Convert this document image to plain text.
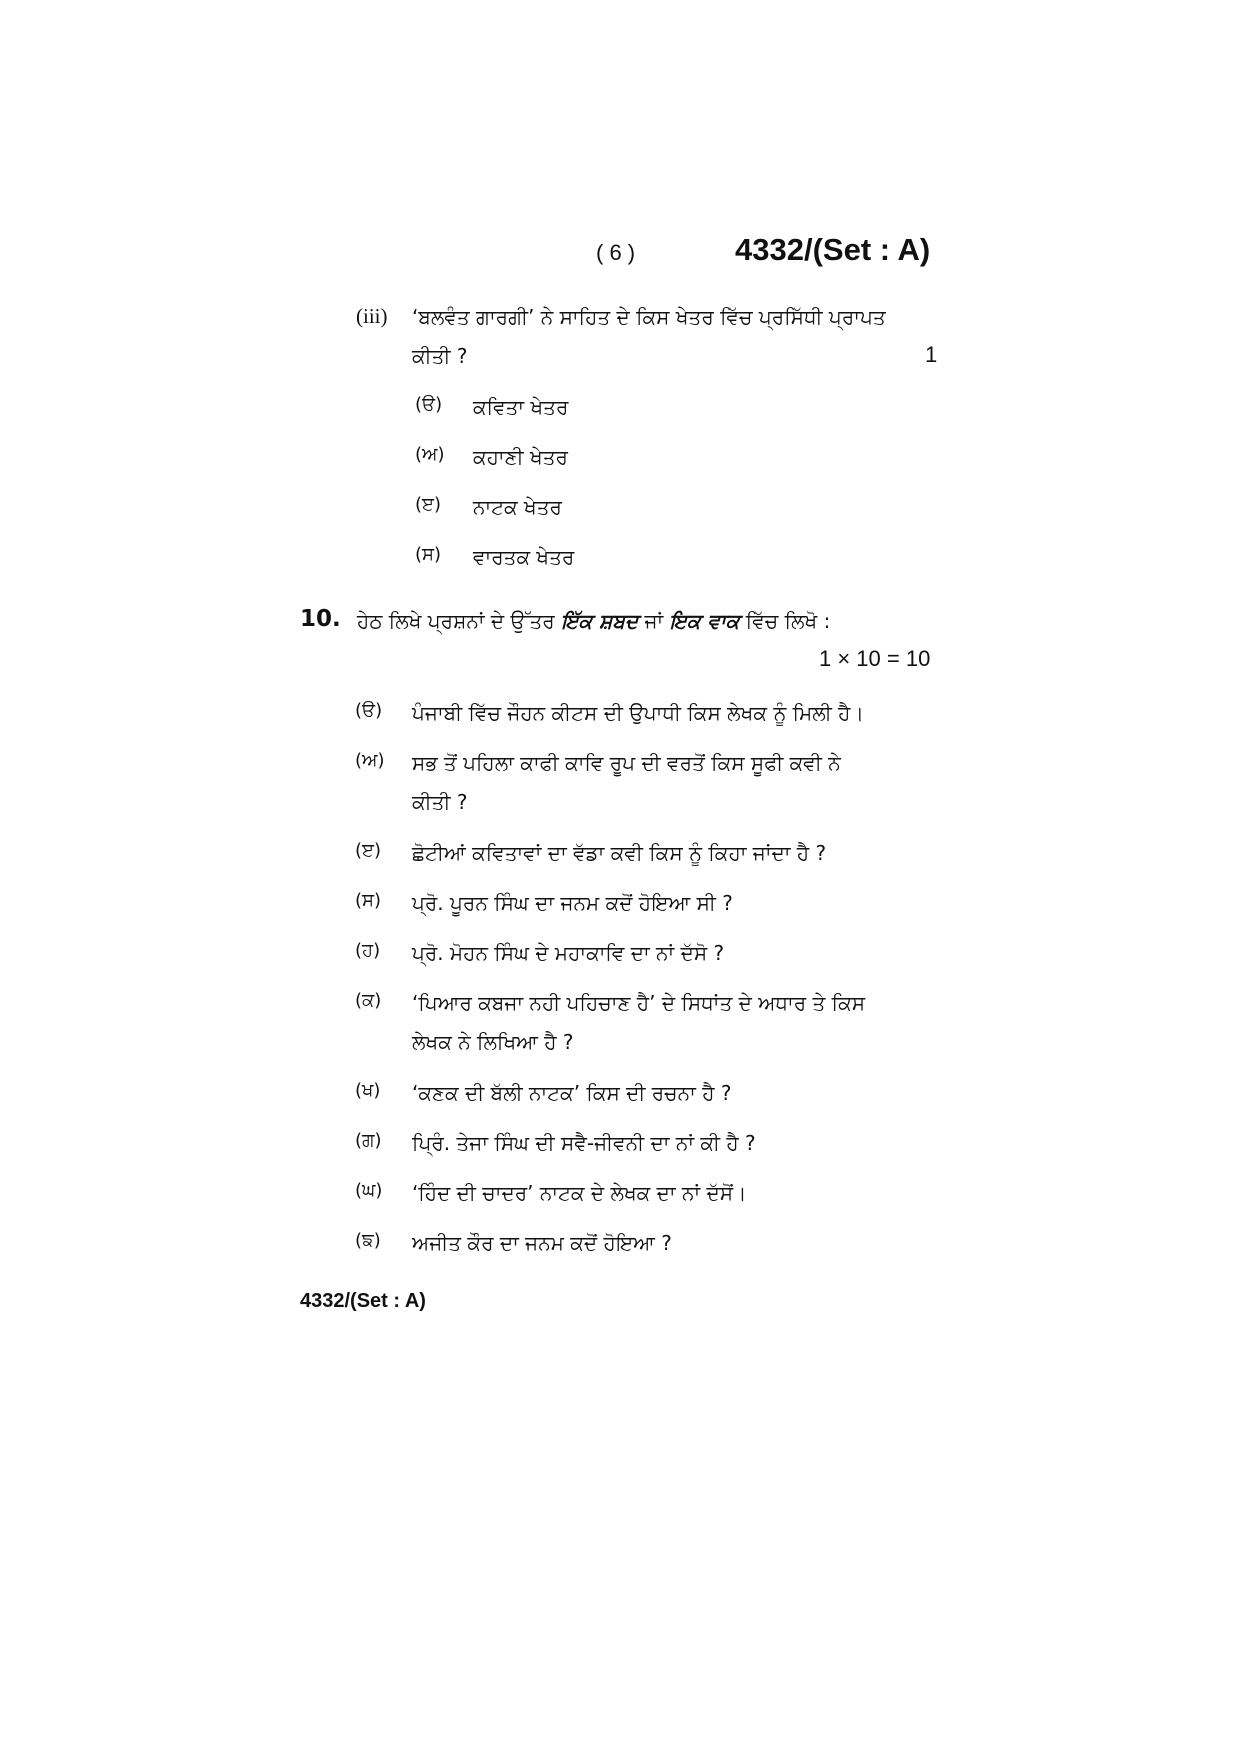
( 6 )	4332/(Set : A)
(iii) ‘ਬਲਵੰਤ ਗਾਰਗੀ’ ਨੇ ਸਾਹਿਤ ਦੇ ਕਿਸ ਖੇਤਰ ਵਿੱਚ ਪ੍ਰਸਿੱਧੀ ਪ੍ਰਾਪਤ
ਕੀਤੀ ?	1
(ੳ) ਕਵਿਤਾ ਖੇਤਰ
(ਅ) ਕਹਾਣੀ ਖੇਤਰ
(ੲ) ਨਾਟਕ ਖੇਤਰ
(ਸ) ਵਾਰਤਕ ਖੇਤਰ
10. ਹੇਠ ਲਿਖੇ ਪ੍ਰਸ਼ਨਾਂ ਦੇ ਉੱਤਰ ਇੱਕ ਸ਼ਬਦ ਜਾਂ ਇਕ ਵਾਕ ਵਿੱਚ ਲਿਖੋ :
1 × 10 = 10
(ੳ) ਪੰਜਾਬੀ ਵਿੱਚ ਜੌਹਨ ਕੀਟਸ ਦੀ ਉਪਾਧੀ ਕਿਸ ਲੇਖਕ ਨੂੰ ਮਿਲੀ ਹੈ।
(ਅ) ਸਭ ਤੋਂ ਪਹਿਲਾ ਕਾਫੀ ਕਾਵਿ ਰੂਪ ਦੀ ਵਰਤੋਂ ਕਿਸ ਸੂਫੀ ਕਵੀ ਨੇ
ਕੀਤੀ ?
(ੲ) ਛੋਟੀਆਂ ਕਵਿਤਾਵਾਂ ਦਾ ਵੱਡਾ ਕਵੀ ਕਿਸ ਨੂੰ ਕਿਹਾ ਜਾਂਦਾ ਹੈ ?
(ਸ) ਪ੍ਰੋ. ਪੂਰਨ ਸਿੰਘ ਦਾ ਜਨਮ ਕਦੋਂ ਹੋਇਆ ਸੀ ?
(ਹ) ਪ੍ਰੋ. ਮੋਹਨ ਸਿੰਘ ਦੇ ਮਹਾਕਾਵਿ ਦਾ ਨਾਂ ਦੱਸੋ ?
(ਕ) ‘ਪਿਆਰ ਕਬਜਾ ਨਹੀ ਪਹਿਚਾਣ ਹੈ’ ਦੇ ਸਿਧਾਂਤ ਦੇ ਅਧਾਰ ਤੇ ਕਿਸ
ਲੇਖਕ ਨੇ ਲਿਖਿਆ ਹੈ ?
(ਖ) ‘ਕਣਕ ਦੀ ਬੱਲੀ ਨਾਟਕ’ ਕਿਸ ਦੀ ਰਚਨਾ ਹੈ ?
(ਗ) ਪ੍ਰਿੰ. ਤੇਜਾ ਸਿੰਘ ਦੀ ਸਵੈ-ਜੀਵਨੀ ਦਾ ਨਾਂ ਕੀ ਹੈ ?
(ਘ) ‘ਹਿੰਦ ਦੀ ਚਾਦਰ’ ਨਾਟਕ ਦੇ ਲੇਖਕ ਦਾ ਨਾਂ ਦੱਸੋਂ।
(ਙ) ਅਜੀਤ ਕੌਰ ਦਾ ਜਨਮ ਕਦੋਂ ਹੋਇਆ ?
4332/(Set : A)
